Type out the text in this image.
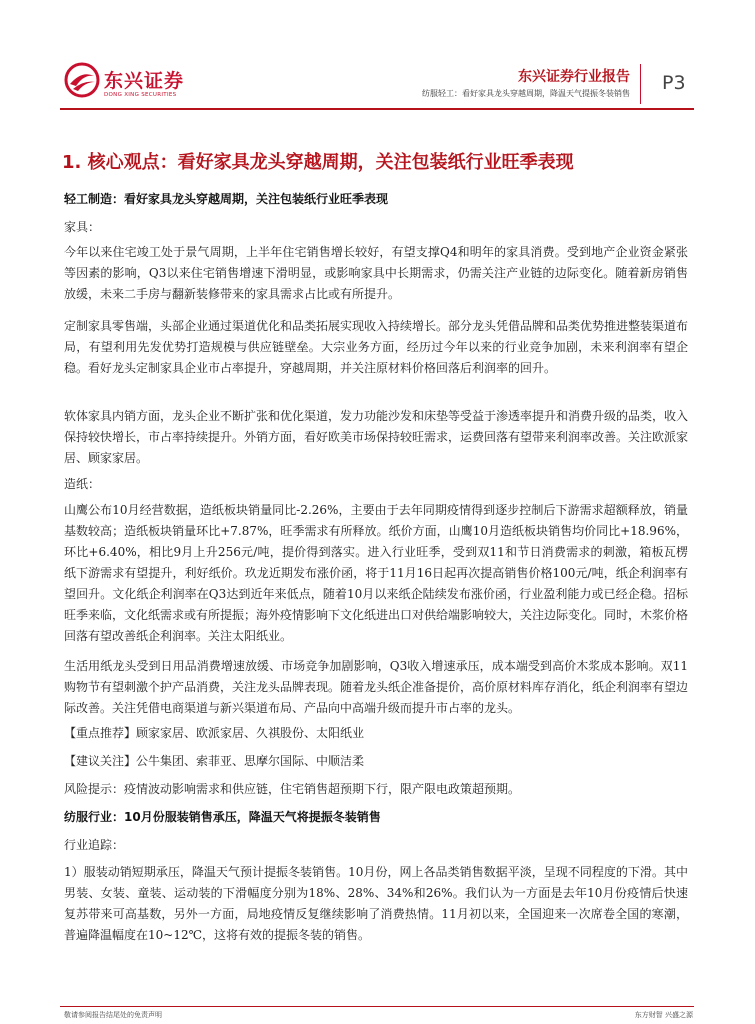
东兴证券
DONG XING SECURITIES
东兴证券行业报告
纺服轻工：看好家具龙头穿越周期，降温天气提振冬装销售 P3
1. 核心观点：看好家具龙头穿越周期，关注包装纸行业旺季表现
轻工制造：看好家具龙头穿越周期，关注包装纸行业旺季表现
家具：
今年以来住宅竣工处于景气周期，上半年住宅销售增长较好，有望支撑Q4和明年的家具消费。受到地产企业资金紧张等因素的影响，Q3以来住宅销售增速下滑明显，或影响家具中长期需求，仍需关注产业链的边际变化。随着新房销售放缓，未来二手房与翻新装修带来的家具需求占比或有所提升。
定制家具零售端，头部企业通过渠道优化和品类拓展实现收入持续增长。部分龙头凭借品牌和品类优势推进整装渠道布局，有望利用先发优势打造规模与供应链壁垒。大宗业务方面，经历过今年以来的行业竞争加剧，未来利润率有望企稳。看好龙头定制家具企业市占率提升，穿越周期，并关注原材料价格回落后利润率的回升。
软体家具内销方面，龙头企业不断扩张和优化渠道，发力功能沙发和床垫等受益于渗透率提升和消费升级的品类，收入保持较快增长，市占率持续提升。外销方面，看好欧美市场保持较旺需求，运费回落有望带来利润率改善。关注欧派家居、顾家家居。
造纸：
山鹰公布10月经营数据，造纸板块销量同比-2.26%，主要由于去年同期疫情得到逐步控制后下游需求超额释放，销量基数较高；造纸板块销量环比+7.87%，旺季需求有所释放。纸价方面，山鹰10月造纸板块销售均价同比+18.96%，环比+6.40%，相比9月上升256元/吨，提价得到落实。进入行业旺季，受到双11和节日消费需求的刺激，箱板瓦楞纸下游需求有望提升，利好纸价。玖龙近期发布涨价函，将于11月16日起再次提高销售价格100元/吨，纸企利润率有望回升。文化纸企利润率在Q3达到近年来低点，随着10月以来纸企陆续发布涨价函，行业盈利能力或已经企稳。招标旺季来临，文化纸需求或有所提振；海外疫情影响下文化纸进出口对供给端影响较大，关注边际变化。同时，木浆价格回落有望改善纸企利润率。关注太阳纸业。
生活用纸龙头受到日用品消费增速放缓、市场竞争加剧影响，Q3收入增速承压，成本端受到高价木浆成本影响。双11购物节有望刺激个护产品消费，关注龙头品牌表现。随着龙头纸企准备提价，高价原材料库存消化，纸企利润率有望边际改善。关注凭借电商渠道与新兴渠道布局、产品向中高端升级而提升市占率的龙头。
【重点推荐】顾家家居、欧派家居、久祺股份、太阳纸业
【建议关注】公牛集团、索菲亚、思摩尔国际、中顺洁柔
风险提示：疫情波动影响需求和供应链，住宅销售超预期下行，限产限电政策超预期。
纺服行业：10月份服装销售承压，降温天气将提振冬装销售
行业追踪：
1）服装动销短期承压，降温天气预计提振冬装销售。10月份，网上各品类销售数据平淡，呈现不同程度的下滑。其中男装、女装、童装、运动装的下滑幅度分别为18%、28%、34%和26%。我们认为一方面是去年10月份疫情后快速复苏带来可高基数，另外一方面，局地疫情反复继续影响了消费热情。11月初以来，全国迎来一次席卷全国的寒潮，普遍降温幅度在10~12℃，这将有效的提振冬装的销售。
敬请参阅报告结尾处的免责声明	东方财智 兴盛之源
